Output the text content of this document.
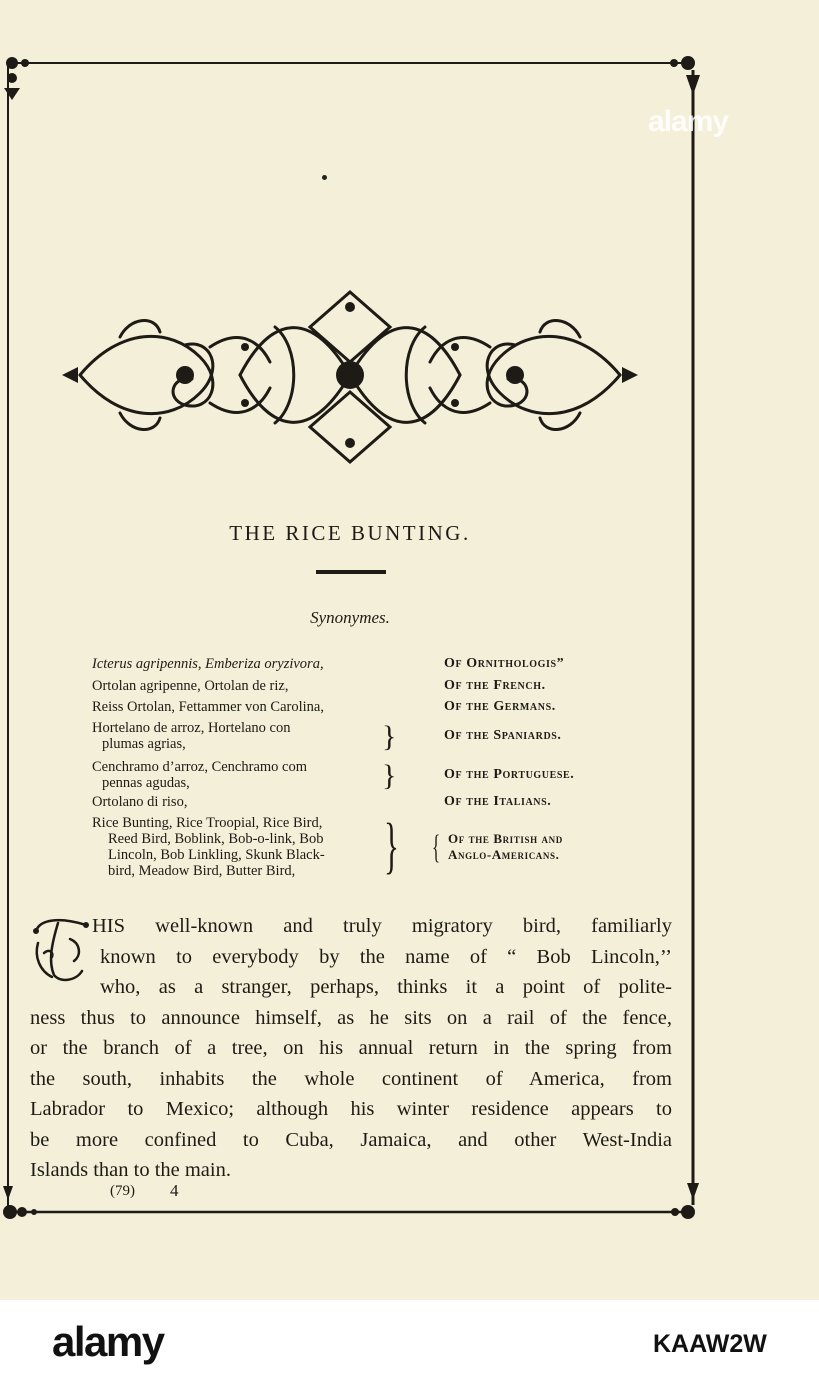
alamy
THE RICE BUNTING.
Synonymes.
Icterus agripennis, Emberiza oryzivora,	Of Ornithologis”
Ortolan agripenne, Ortolan de riz,	Of the French.
Reiss Ortolan, Fettammer von Carolina,	Of the Germans.
Hortelano de arroz, Hortelano con
plumas agrias,	}	Of the Spaniards.
Cenchramo d’arroz, Cenchramo com
pennas agudas,	}	Of the Portuguese.
Ortolano di riso,	Of the Italians.
Rice Bunting, Rice Troopial, Rice Bird,
Reed Bird, Boblink, Bob-o-link, Bob
Lincoln, Bob Linkling, Skunk Black-
bird, Meadow Bird, Butter Bird, } { Of the British and
Anglo-Americans.
HIS well-known and truly migratory bird, familiarly
known to everybody by the name of “ Bob Lincoln,’’
who, as a stranger, perhaps, thinks it a point of polite-
ness thus to announce himself, as he sits on a rail of the fence,
or the branch of a tree, on his annual return in the spring from
the south, inhabits the whole continent of America, from
Labrador to Mexico; although his winter residence appears to
be more confined to Cuba, Jamaica, and other West-India
Islands than to the main.
(79) 4
alamy	KAAW2W
